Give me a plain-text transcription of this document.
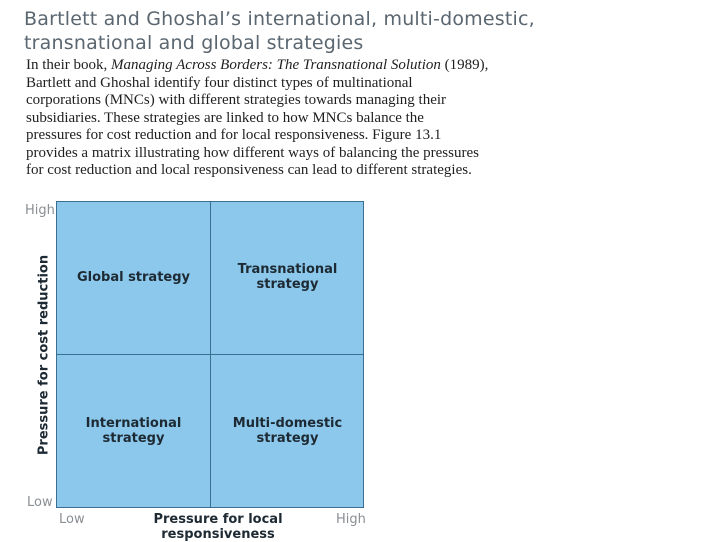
Bartlett and Ghoshal’s international, multi-domestic,
transnational and global strategies
In their book, Managing Across Borders: The Transnational Solution (1989),
Bartlett and Ghoshal identify four distinct types of multinational
corporations (MNCs) with different strategies towards managing their
subsidiaries. These strategies are linked to how MNCs balance the
pressures for cost reduction and for local responsiveness. Figure 13.1
provides a matrix illustrating how different ways of balancing the pressures
for cost reduction and local responsiveness can lead to different strategies.
High
Low
Pressure for cost reduction Global strategy	Transnational strategy
International strategy
Multi-domestic strategy
Low	Pressure for local responsiveness
High
